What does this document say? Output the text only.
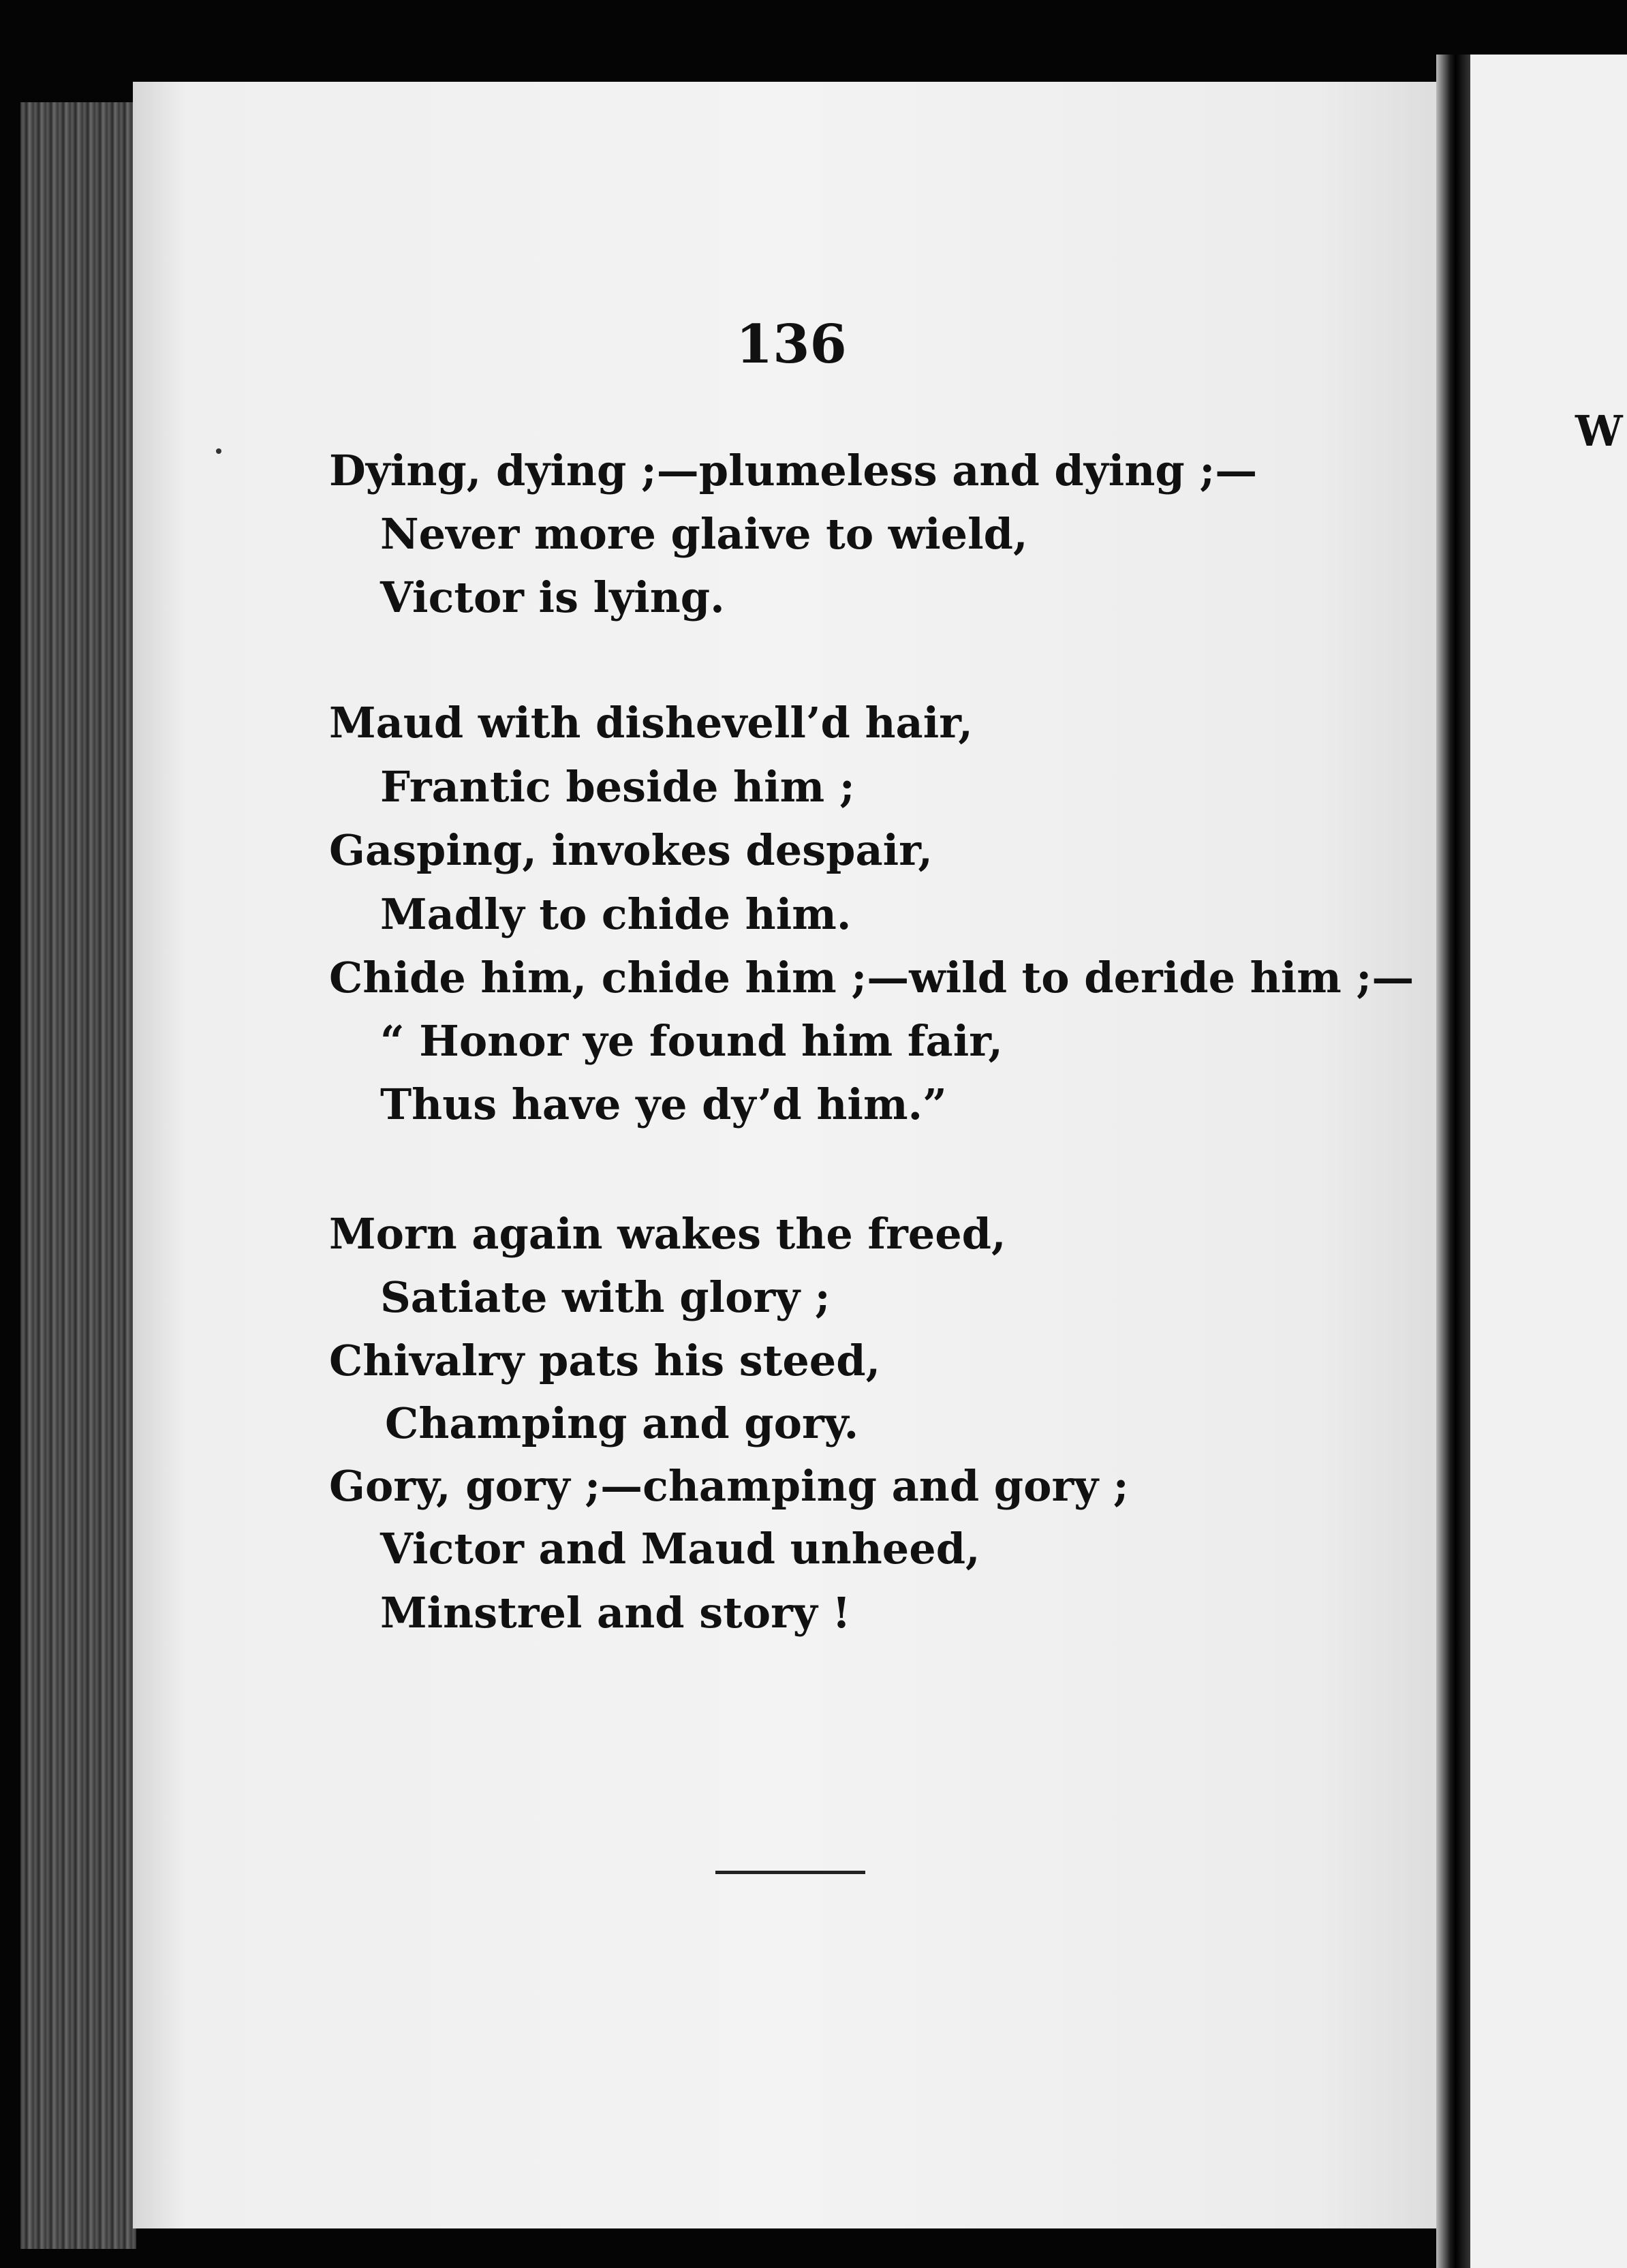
W
136
Dying, dying ;—plumeless and dying ;—
Never more glaive to wield,
Victor is lying.
Maud with dishevell’d hair,
Frantic beside him ;
Gasping, invokes despair,
Madly to chide him.
Chide him, chide him ;—wild to deride him ;—
“ Honor ye found him fair,
Thus have ye dy’d him.”
Morn again wakes the freed,
Satiate with glory ;
Chivalry pats his steed,
Champing and gory.
Gory, gory ;—champing and gory ;
Victor and Maud unheed,
Minstrel and story !
